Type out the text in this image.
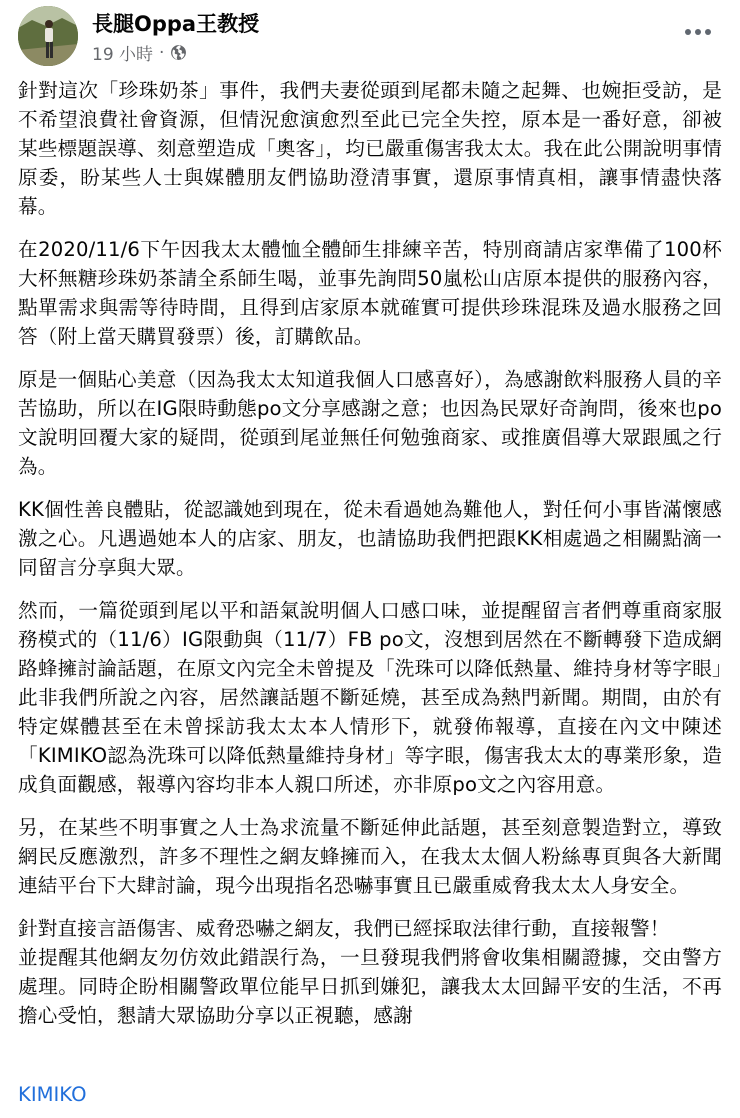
長腿Oppa王教授
19 小時 ·

針對這次「珍珠奶茶」事件，我們夫妻從頭到尾都未隨之起舞、也婉拒受訪，是不希望浪費社會資源，但情況愈演愈烈至此已完全失控，原本是一番好意，卻被某些標題誤導、刻意塑造成「奧客」，均已嚴重傷害我太太。我在此公開說明事情原委，盼某些人士與媒體朋友們協助澄清事實，還原事情真相，讓事情盡快落幕。

在2020/11/6下午因我太太體恤全體師生排練辛苦，特別商請店家準備了100杯大杯無糖珍珠奶茶請全系師生喝，並事先詢問50嵐松山店原本提供的服務內容，點單需求與需等待時間，且得到店家原本就確實可提供珍珠混珠及過水服務之回答（附上當天購買發票）後，訂購飲品。

原是一個貼心美意（因為我太太知道我個人口感喜好），為感謝飲料服務人員的辛苦協助，所以在IG限時動態po文分享感謝之意；也因為民眾好奇詢問，後來也po文說明回覆大家的疑問，從頭到尾並無任何勉強商家、或推廣倡導大眾跟風之行為。

KK個性善良體貼，從認識她到現在，從未看過她為難他人，對任何小事皆滿懷感激之心。凡遇過她本人的店家、朋友，也請協助我們把跟KK相處過之相關點滴一同留言分享與大眾。

然而，一篇從頭到尾以平和語氣說明個人口感口味，並提醒留言者們尊重商家服務模式的（11/6）IG限動與（11/7）FB po文，沒想到居然在不斷轉發下造成網路蜂擁討論話題，在原文內完全未曾提及「洗珠可以降低熱量、維持身材等字眼」此非我們所說之內容，居然讓話題不斷延燒，甚至成為熱門新聞。期間，由於有特定媒體甚至在未曾採訪我太太本人情形下，就發佈報導，直接在內文中陳述「KIMIKO認為洗珠可以降低熱量維持身材」等字眼，傷害我太太的專業形象，造成負面觀感，報導內容均非本人親口所述，亦非原po文之內容用意。

另，在某些不明事實之人士為求流量不斷延伸此話題，甚至刻意製造對立，導致網民反應激烈，許多不理性之網友蜂擁而入，在我太太個人粉絲專頁與各大新聞連結平台下大肆討論，現今出現指名恐嚇事實且已嚴重威脅我太太人身安全。

針對直接言語傷害、威脅恐嚇之網友，我們已經採取法律行動，直接報警！

並提醒其他網友勿仿效此錯誤行為，一旦發現我們將會收集相關證據，交由警方處理。同時企盼相關警政單位能早日抓到嫌犯，讓我太太回歸平安的生活，不再擔心受怕，懇請大眾協助分享以正視聽，感謝

KIMIKO
